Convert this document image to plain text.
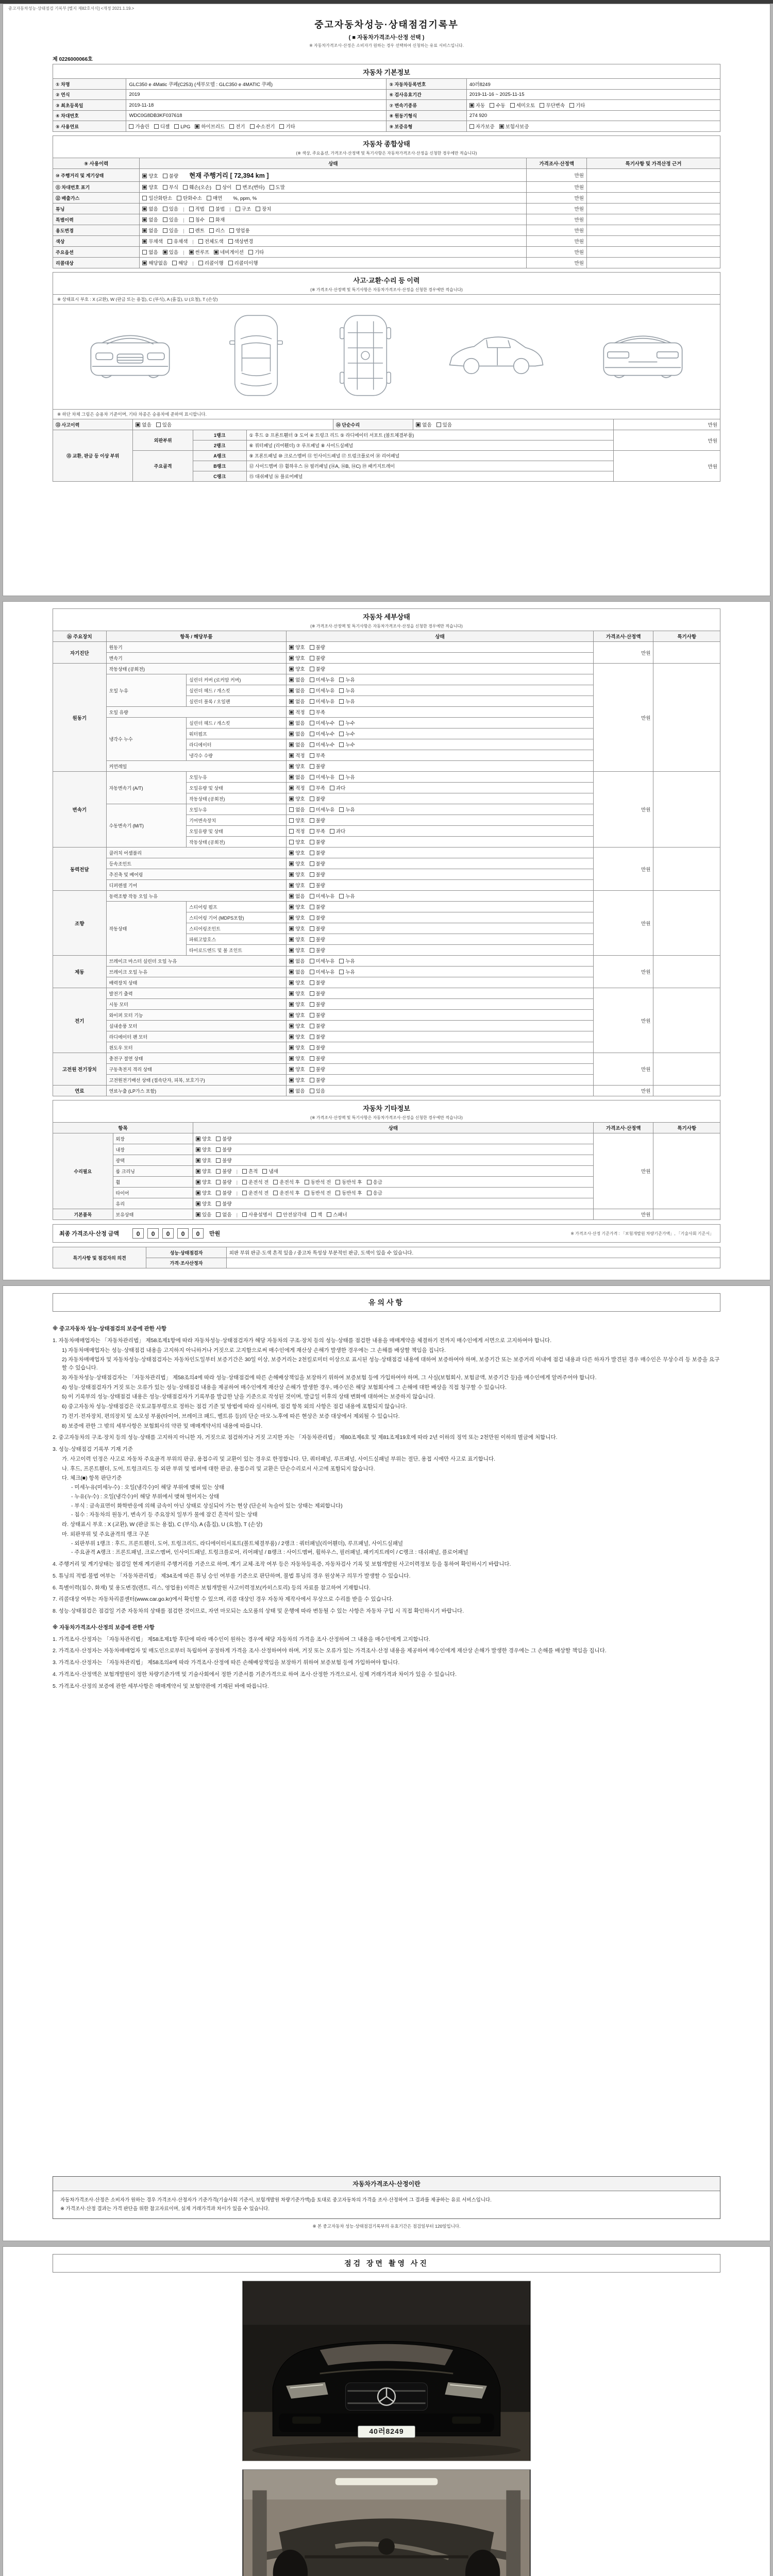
중고자동차성능·상태점검 기록부 [별지 제82호서식] <개정 2021.1.19.>
중고자동차성능·상태점검기록부
( ■ 자동차가격조사·산정 선택 )
※ 자동차가격조사·산정은 소비자가 원하는 경우 선택하여 신청하는 유료 서비스입니다.
제 0226000066호
자동차 기본정보
① 차명	GLC350 e 4Matic 쿠페(C253) (세부모델 : GLC350 e 4MATIC 쿠페)	⑤ 자동차등록번호	40러8249
② 연식	2019	⑥ 검사유효기간	2019-11-16 ~ 2025-11-15
③ 최초등록일	2019-11-18	⑦ 변속기종류	자동 수동 세미오토 무단변속 기타
④ 차대번호	WDC0G8DB3KF037618	⑧ 원동기형식	274 920
⑤ 사용연료	가솔린 디젤 LPG 하이브리드 전기 수소전기 기타	⑨ 보증유형	자가보증 보험사보증
자동차 종합상태
(※ 색상, 주요옵션, 가격조사·산정액 및 특기사항은 자동차가격조사·산정을 신청한 경우에만 적습니다)
⑨ 사용이력	상태	가격조사·산정액	특기사항 및 가격산정 근거
⑩ 주행거리 및 계기상태	양호 불량 현재 주행거리 [ 72,394 km ]	만원	
⑪ 차대번호 표기	양호 부식 훼손(오손) 상이 변조(변타) 도말	만원	
⑫ 배출가스	일산화탄소 탄화수소 매연 %, ppm, %	만원	
튜닝	없음 있음 | 적법 불법 | 구조 장치	만원	
특별이력	없음 있음 | 침수 화재	만원	
용도변경	없음 있음 | 렌트 리스 영업용	만원	
색상	무채색 유채색 | 전체도색 색상변경	만원	
주요옵션	없음 있음 | 썬루프 네비게이션 기타	만원	
리콜대상	해당없음 해당 | 리콜이행 리콜미이행	만원	
사고·교환·수리 등 이력
(※ 가격조사·산정액 및 특기사항은 자동차가격조사·산정을 신청한 경우에만 적습니다)
※ 상태표시 부호 : X (교환), W (판금 또는 용접), C (부식), A (흠집), U (요철), T (손상)
※ 하단 차체 그림은 승용차 기준이며, 기타 차종은 승용차에 준하여 표시합니다.
⑬ 사고이력	없음 있음	⑭ 단순수리	없음 있음	만원
⑮ 교환, 판금 등 이상 부위	외판부위	1랭크	① 후드 ② 프론트휀더 ③ 도어 ④ 트렁크 리드 ⑤ 라디에이터 서포트 (볼트체결부품)	만원
		2랭크	⑥ 쿼터패널 (리어휀더) ⑦ 루프패널 ⑧ 사이드실패널	
	주요골격	A랭크	⑨ 프론트패널 ⑩ 크로스멤버 ⑪ 인사이드패널 ⑰ 트렁크플로어 ⑱ 리어패널	만원
		B랭크	⑫ 사이드멤버 ⑬ 휠하우스 ⑭ 필러패널 (⑭A, ⑭B, ⑭C) ⑲ 패키지트레이	
		C랭크	⑮ 대쉬패널 ⑯ 플로어패널	
자동차 세부상태
(※ 가격조사·산정액 및 특기사항은 자동차가격조사·산정을 신청한 경우에만 적습니다)
⑯ 주요장치	항목 / 해당부품		상태	가격조사·산정액	특기사항
자기진단	원동기		양호 불량	만원	
	변속기		양호 불량		
원동기	작동상태 (공회전)		양호 불량	만원	
	오일 누유	실린더 커버 (로커암 커버)	없음 미세누유 누유		
		실린더 헤드 / 개스킷	없음 미세누유 누유		
		실린더 블록 / 오일팬	없음 미세누유 누유		
	오일 유량		적정 부족		
	냉각수 누수	실린더 헤드 / 개스킷	없음 미세누수 누수		
		워터펌프	없음 미세누수 누수		
		라디에이터	없음 미세누수 누수		
		냉각수 수량	적정 부족		
	커먼레일		양호 불량		
변속기	자동변속기 (A/T)	오일누유	없음 미세누유 누유	만원	
		오일유량 및 상태	적정 부족 과다		
		작동상태 (공회전)	양호 불량		
	수동변속기 (M/T)	오일누유	없음 미세누유 누유		
		기어변속장치	양호 불량		
		오일유량 및 상태	적정 부족 과다		
		작동상태 (공회전)	양호 불량		
동력전달	클러치 어셈블리		양호 불량	만원	
	등속조인트		양호 불량		
	추진축 및 베어링		양호 불량		
	디퍼렌셜 기어		양호 불량		
조향	동력조향 작동 오일 누유		없음 미세누유 누유	만원	
	작동상태	스티어링 펌프	양호 불량		
		스티어링 기어 (MDPS포함)	양호 불량		
		스티어링조인트	양호 불량		
		파워고압호스	양호 불량		
		타이로드엔드 및 볼 조인트	양호 불량		
제동	브레이크 마스터 실린더 오일 누유		없음 미세누유 누유	만원	
	브레이크 오일 누유		없음 미세누유 누유		
	배력장치 상태		양호 불량		
전기	발전기 출력		양호 불량	만원	
	시동 모터		양호 불량		
	와이퍼 모터 기능		양호 불량		
	실내송풍 모터		양호 불량		
	라디에이터 팬 모터		양호 불량		
	윈도우 모터		양호 불량		
고전원 전기장치	충전구 절연 상태		양호 불량	만원	
	구동축전지 격리 상태		양호 불량		
	고전원전기배선 상태 (접속단자, 피복, 보호기구)		양호 불량		
연료	연료누출 (LP가스 포함)		없음 있음	만원	
자동차 기타정보
(※ 가격조사·산정액 및 특기사항은 자동차가격조사·산정을 신청한 경우에만 적습니다)
항목		상태	가격조사·산정액	특기사항
수리필요	외장	양호 불량	만원	
	내장	양호 불량		
	광택	양호 불량		
	룸 크리닝	양호 불량 | 흔적 냄새		
	휠	양호 불량 | 운전석 전 운전석 후 동반석 전 동반석 후 응급		
	타이어	양호 불량 | 운전석 전 운전석 후 동반석 전 동반석 후 응급		
	유리	양호 불량		
기본품목	보유상태	있음 없음 | 사용설명서 안전삼각대 잭 스패너	만원	
최종 가격조사·산정 금액	0 0 0 0 0	만원	※ 가격조사·산정 기준가격 : 「보험개발원 차량기준가액」, 「기술사회 기준서」
특기사항 및 점검자의 의견	성능·상태점검자	외판 부위 판금·도색 흔적 있음 / 중고차 특성상 부분적인 판금, 도색이 있을 수 있습니다.
	가격·조사산정자	
유의사항
※ 중고자동차 성능·상태점검의 보증에 관한 사항
1. 자동차매매업자는 「자동차관리법」 제58조제1항에 따라 자동차성능·상태점검자가 해당 자동차의 구조·장치 등의 성능·상태를 점검한 내용을 매매계약을 체결하기 전까지 매수인에게 서면으로 고지하여야 합니다.
1) 자동차매매업자는 성능·상태점검 내용을 고지하지 아니하거나 거짓으로 고지함으로써 매수인에게 재산상 손해가 발생한 경우에는 그 손해를 배상할 책임을 집니다.
2) 자동차매매업자 및 자동차성능·상태점검자는 자동차인도일부터 보증기간은 30일 이상, 보증거리는 2천킬로미터 이상으로 표시된 성능·상태점검 내용에 대하여 보증하여야 하며, 보증기간 또는 보증거리 이내에 점검 내용과 다른 하자가 발견된 경우 매수인은 무상수리 등 보증을 요구할 수 있습니다.
3) 자동차성능·상태점검자는 「자동차관리법」 제58조의4에 따라 성능·상태점검에 따른 손해배상책임을 보장하기 위하여 보증보험 등에 가입하여야 하며, 그 사실(보험회사, 보험금액, 보증기간 등)을 매수인에게 알려주어야 합니다.
4) 성능·상태점검자가 거짓 또는 오류가 있는 성능·상태점검 내용을 제공하여 매수인에게 재산상 손해가 발생한 경우, 매수인은 해당 보험회사에 그 손해에 대한 배상을 직접 청구할 수 있습니다.
5) 이 기록부의 성능·상태점검 내용은 성능·상태점검자가 기록부를 발급한 날을 기준으로 작성된 것이며, 발급일 이후의 상태 변화에 대하여는 보증하지 않습니다.
6) 중고자동차 성능·상태점검은 국토교통부령으로 정하는 점검 기준 및 방법에 따라 실시하며, 점검 항목 외의 사항은 점검 내용에 포함되지 않습니다.
7) 전기·전자장치, 편의장치 및 소모성 부품(타이어, 브레이크 패드, 벨트류 등)의 단순 마모·노후에 따른 현상은 보증 대상에서 제외될 수 있습니다.
8) 보증에 관한 그 밖의 세부사항은 보험회사의 약관 및 매매계약서의 내용에 따릅니다.
2. 중고자동차의 구조·장치 등의 성능·상태를 고지하지 아니한 자, 거짓으로 점검하거나 거짓 고지한 자는 「자동차관리법」 제80조제6호 및 제81조제19호에 따라 2년 이하의 징역 또는 2천만원 이하의 벌금에 처합니다.
3. 성능·상태점검 기록부 기재 기준
가. 사고이력 인정은 사고로 자동차 주요골격 부위의 판금, 용접수리 및 교환이 있는 경우로 한정합니다. 단, 쿼터패널, 루프패널, 사이드실패널 부위는 절단, 용접 시에만 사고로 표기합니다.
나. 후드, 프론트휀더, 도어, 트렁크리드 등 외판 부위 및 범퍼에 대한 판금, 용접수리 및 교환은 단순수리로서 사고에 포함되지 않습니다.
다. 체크(■) 항목 판단기준
- 미세누유(미세누수) : 오일(냉각수)이 해당 부위에 맺혀 있는 상태
- 누유(누수) : 오일(냉각수)이 해당 부위에서 맺혀 떨어지는 상태
- 부식 : 금속표면이 화학반응에 의해 금속이 아닌 상태로 상실되어 가는 현상 (단순히 녹슬어 있는 상태는 제외합니다)
- 침수 : 자동차의 원동기, 변속기 등 주요장치 일부가 물에 잠긴 흔적이 있는 상태
라. 상태표시 부호 : X (교환), W (판금 또는 용접), C (부식), A (흠집), U (요철), T (손상)
마. 외판부위 및 주요골격의 랭크 구분
- 외판부위 1랭크 : 후드, 프론트휀더, 도어, 트렁크리드, 라디에이터서포트(볼트체결부품) / 2랭크 : 쿼터패널(리어휀더), 루프패널, 사이드실패널
- 주요골격 A랭크 : 프론트패널, 크로스멤버, 인사이드패널, 트렁크플로어, 리어패널 / B랭크 : 사이드멤버, 휠하우스, 필러패널, 패키지트레이 / C랭크 : 대쉬패널, 플로어패널
4. 주행거리 및 계기상태는 점검일 현재 계기판의 주행거리를 기준으로 하며, 계기 교체·조작 여부 등은 자동차등록증, 자동차검사 기록 및 보험개발원 사고이력정보 등을 통하여 확인하시기 바랍니다.
5. 튜닝의 적법·불법 여부는 「자동차관리법」 제34조에 따른 튜닝 승인 여부를 기준으로 판단하며, 불법 튜닝의 경우 원상복구 의무가 발생할 수 있습니다.
6. 특별이력(침수, 화재) 및 용도변경(렌트, 리스, 영업용) 이력은 보험개발원 사고이력정보(카히스토리) 등의 자료를 참고하여 기재합니다.
7. 리콜대상 여부는 자동차리콜센터(www.car.go.kr)에서 확인할 수 있으며, 리콜 대상인 경우 자동차 제작사에서 무상으로 수리를 받을 수 있습니다.
8. 성능·상태점검은 점검일 기준 자동차의 상태를 점검한 것이므로, 자연 마모되는 소모품의 상태 및 운행에 따라 변동될 수 있는 사항은 자동차 구입 시 직접 확인하시기 바랍니다.
※ 자동차가격조사·산정의 보증에 관한 사항
1. 가격조사·산정자는 「자동차관리법」 제58조제1항 후단에 따라 매수인이 원하는 경우에 해당 자동차의 가격을 조사·산정하여 그 내용을 매수인에게 고지합니다.
2. 가격조사·산정자는 자동차매매업자 및 매도인으로부터 독립하여 공정하게 가격을 조사·산정하여야 하며, 거짓 또는 오류가 있는 가격조사·산정 내용을 제공하여 매수인에게 재산상 손해가 발생한 경우에는 그 손해를 배상할 책임을 집니다.
3. 가격조사·산정자는 「자동차관리법」 제58조의4에 따라 가격조사·산정에 따른 손해배상책임을 보장하기 위하여 보증보험 등에 가입하여야 합니다.
4. 가격조사·산정액은 보험개발원이 정한 차량기준가액 및 기술사회에서 정한 기준서를 기준가격으로 하여 조사·산정한 가격으로서, 실제 거래가격과 차이가 있을 수 있습니다.
5. 가격조사·산정의 보증에 관한 세부사항은 매매계약서 및 보험약관에 기재된 바에 따릅니다.
자동차가격조사·산정이란
자동차가격조사·산정은 소비자가 원하는 경우 가격조사·산정자가 기준가격(기술사회 기준서, 보험개발원 차량기준가액)을 토대로 중고자동차의 가격을 조사·산정하여 그 결과를 제공하는 유료 서비스입니다.
※ 가격조사·산정 결과는 가격 판단을 위한 참고자료이며, 실제 거래가격과 차이가 있을 수 있습니다.
※ 본 중고자동차 성능·상태점검기록부의 유효기간은 점검일부터 120일입니다.
점검 장면 촬영 사진
40러8249
